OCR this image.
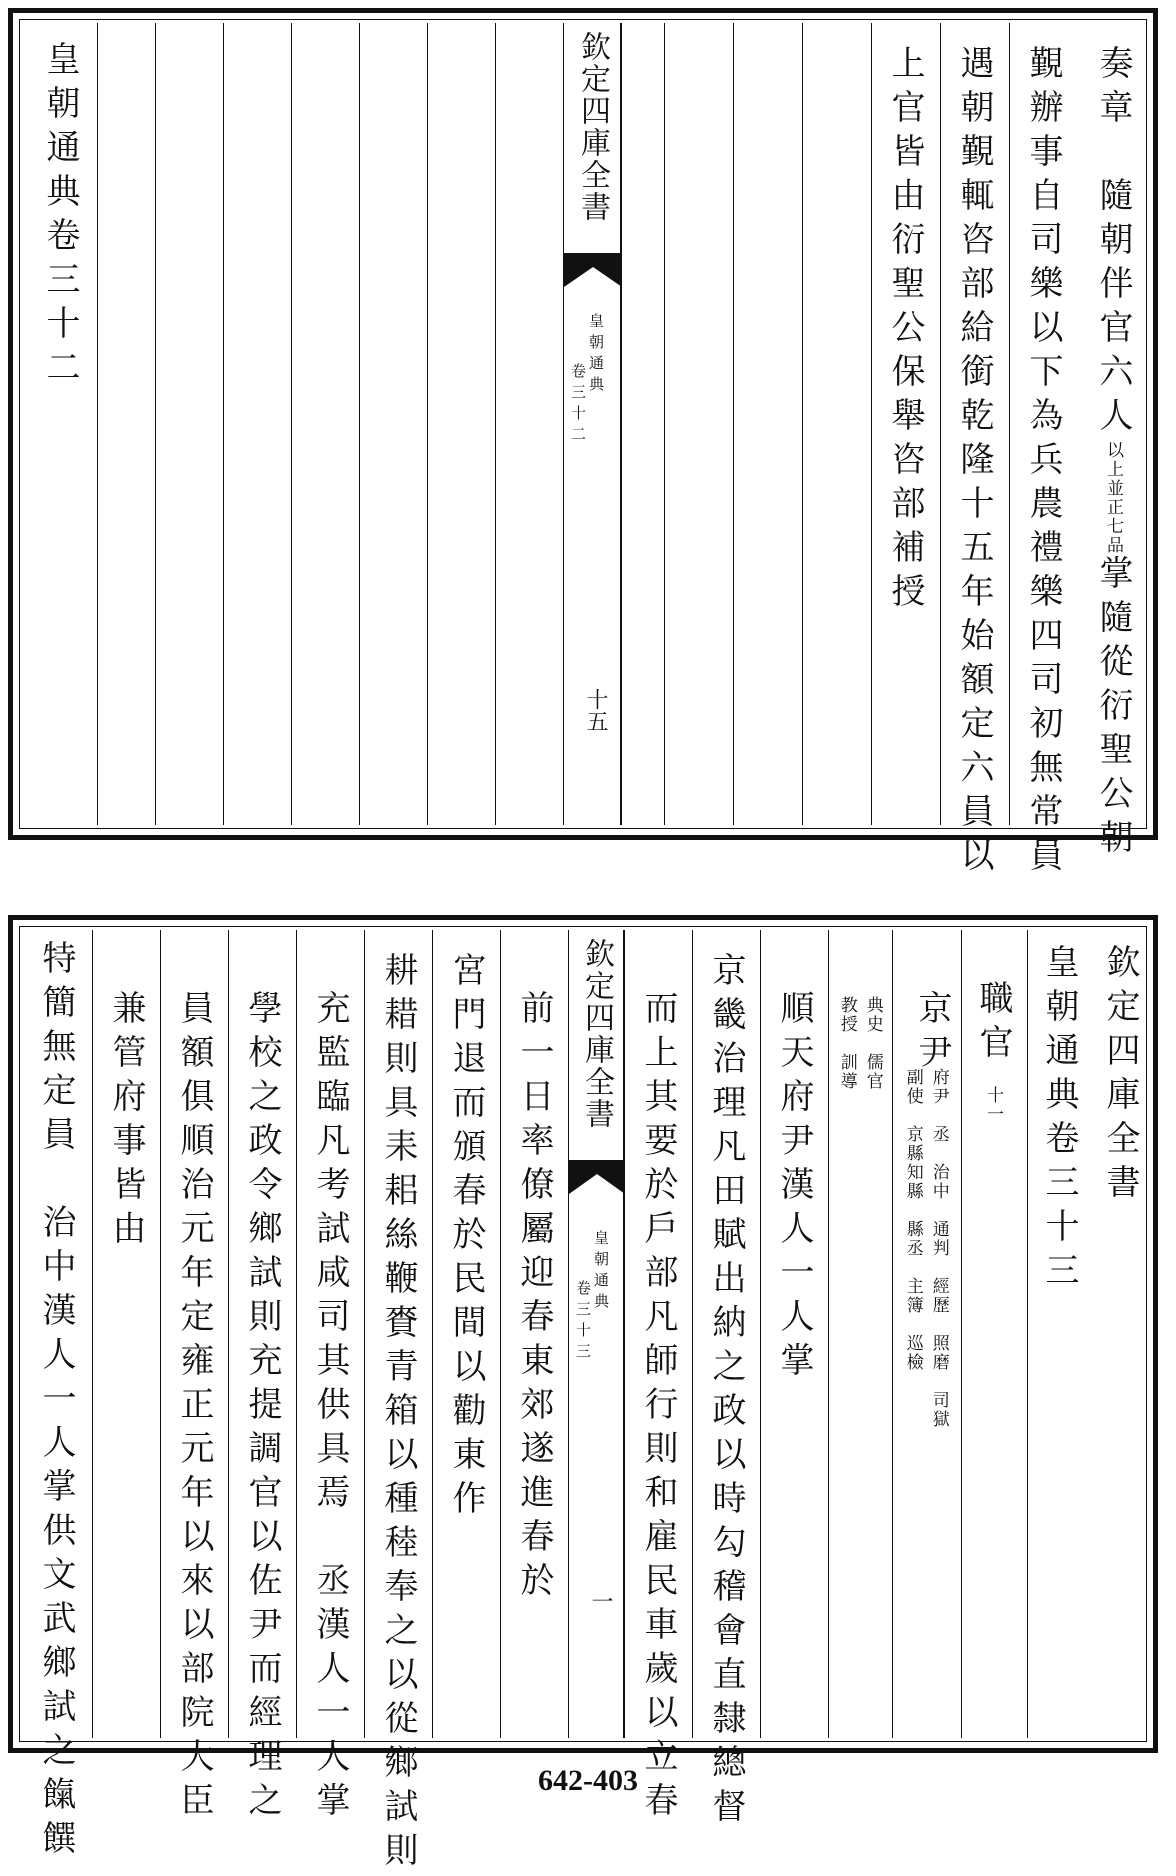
奏章　隨朝伴官六人以上並正七品掌隨從衍聖公朝
覲辦事自司樂以下為兵農禮樂四司初無常員
遇朝覲輒咨部給銜乾隆十五年始額定六員以
上官皆由衍聖公保舉咨部補授
欽定四庫全書
皇朝通典
卷三十二
十五
皇朝通典卷三十二
欽定四庫全書
皇朝通典卷三十三
職官十一
京尹
府尹　丞　治中　通判　經歷　照磨　司獄
副使　京縣知縣　縣丞　主簿　巡檢
典史　儒官
教授　訓導
順天府尹漢人一人掌
京畿治理凡田賦出納之政以時勾稽會直隸總督
而上其要於戶部凡師行則和雇民車歲以立春
欽定四庫全書
皇朝通典
卷三十三
一
前一日率僚屬迎春東郊遂進春於
宮門退而頒春於民間以勸東作
耕耤則具耒耜絲鞭賚青箱以種稑奉之以從鄉試則
充監臨凡考試咸司其供具焉　丞漢人一人掌
學校之政令鄉試則充提調官以佐尹而經理之
員額俱順治元年定雍正元年以來以部院大臣
兼管府事皆由
特簡無定員　治中漢人一人掌供文武鄉試之餼饌	642-403
